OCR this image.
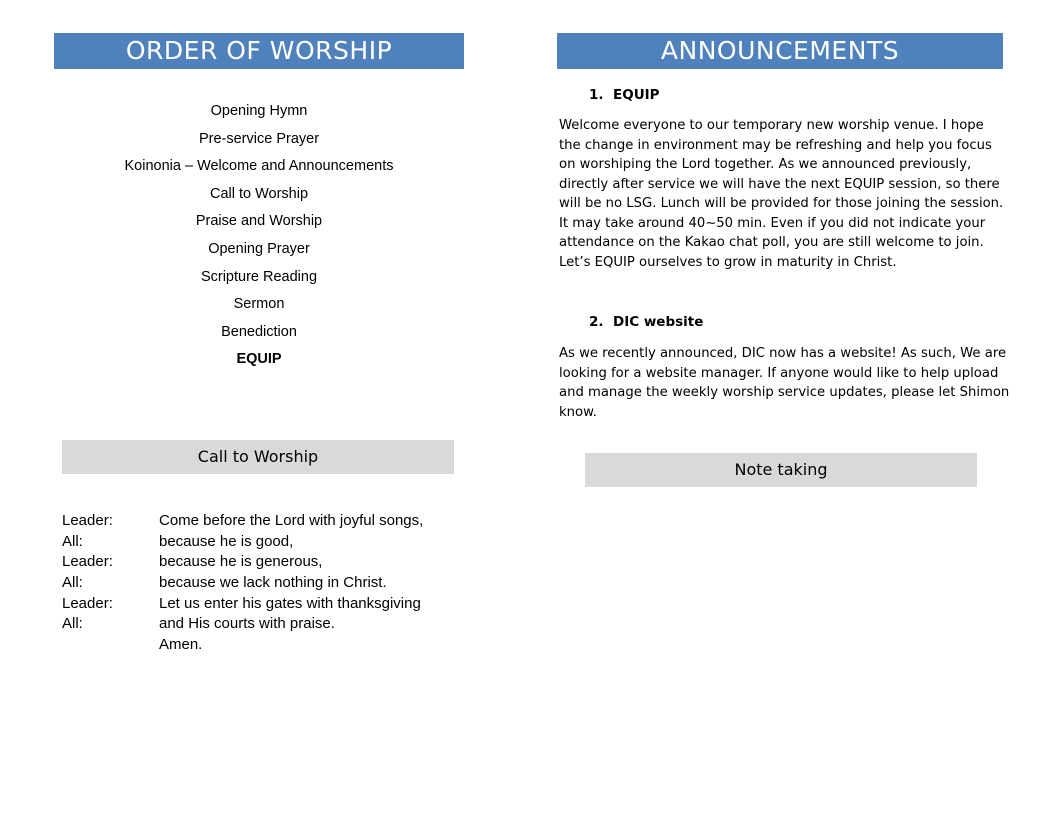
ORDER OF WORSHIP
Opening Hymn
Pre-service Prayer
Koinonia – Welcome and Announcements
Call to Worship
Praise and Worship
Opening Prayer
Scripture Reading
Sermon
Benediction
EQUIP
Call to Worship
Leader:	Come before the Lord with joyful songs,
All:	because he is good,
Leader:	because he is generous,
All:	because we lack nothing in Christ.
Leader:	Let us enter his gates with thanksgiving
All:	and His courts with praise.
Amen.
ANNOUNCEMENTS
1. EQUIP
Welcome everyone to our temporary new worship venue. I hope
the change in environment may be refreshing and help you focus
on worshiping the Lord together. As we announced previously,
directly after service we will have the next EQUIP session, so there
will be no LSG. Lunch will be provided for those joining the session.
It may take around 40~50 min. Even if you did not indicate your
attendance on the Kakao chat poll, you are still welcome to join.
Let’s EQUIP ourselves to grow in maturity in Christ.
2. DIC website
As we recently announced, DIC now has a website! As such, We are
looking for a website manager. If anyone would like to help upload
and manage the weekly worship service updates, please let Shimon
know.
Note taking
